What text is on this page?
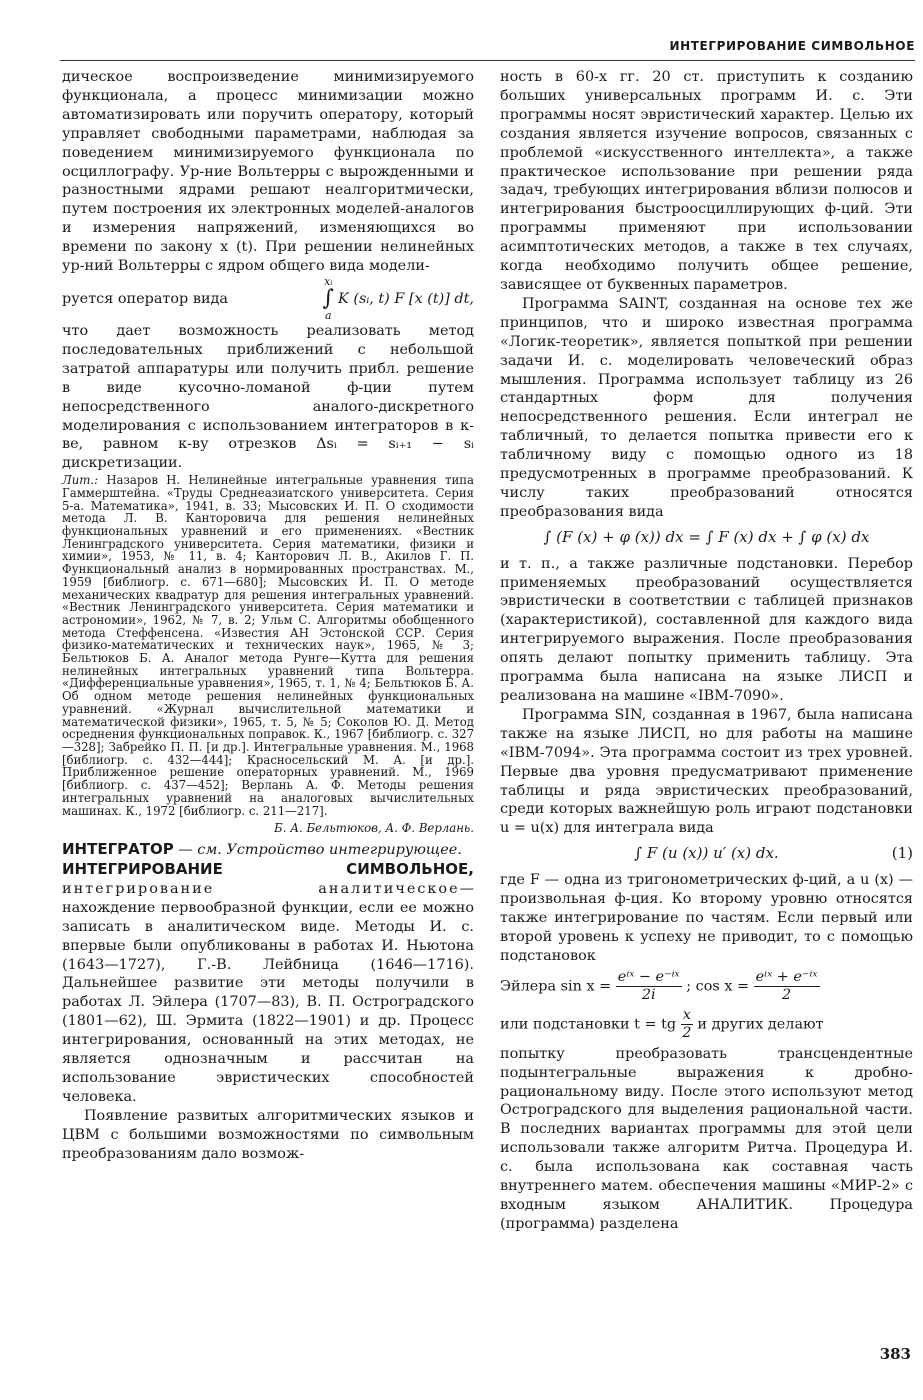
ИНТЕГРИРОВАНИЕ СИМВОЛЬНОЕ

дическое воспроизведение минимизируемого функционала, а процесс минимизации можно автоматизировать или поручить оператору, который управляет свободными параметрами, наблюдая за поведением минимизируемого функционала по осциллографу. Ур-ние Вольтерры с вырожденными и разностными ядрами решают неалгоритмически, путем построения их электронных моделей-аналогов и измерения напряжений, изменяющихся во времени по закону x (t). При решении нелинейных ур-ний Вольтерры с ядром общего вида модели-

руется оператор вида
xᵢ
∫
a
K (sᵢ, t) F [x (t)] dt,

что дает возможность реализовать метод последовательных приближений с небольшой затратой аппаратуры или получить прибл. решение в виде кусочно-ломаной ф-ции путем непосредственного аналого-дискретного моделирования с использованием интеграторов в к-ве, равном к-ву отрезков Δsᵢ = sᵢ₊₁ − sᵢ дискретизации.

Лит.: Назаров Н. Нелинейные интегральные уравнения типа Гаммерштейна. «Труды Среднеазиатского университета. Серия 5-а. Математика», 1941, в. 33; Мысовских И. П. О сходимости метода Л. В. Канторовича для решения нелинейных функциональных уравнений и его применениях. «Вестник Ленинградского университета. Серия математики, физики и химии», 1953, № 11, в. 4; Канторович Л. В., Акилов Г. П. Функциональный анализ в нормированных пространствах. М., 1959 [библиогр. с. 671—680]; Мысовских И. П. О методе механических квадратур для решения интегральных уравнений. «Вестник Ленинградского университета. Серия математики и астрономии», 1962, № 7, в. 2; Ульм С. Алгоритмы обобщенного метода Стеффенсена. «Известия АН Эстонской ССР. Серия физико-математических и технических наук», 1965, № 3; Бельтюков Б. А. Аналог метода Рунге—Кутта для решения нелинейных интегральных уравнений типа Вольтерра. «Дифференциальные уравнения», 1965, т. 1, № 4; Бельтюков Б. А. Об одном методе решения нелинейных функциональных уравнений. «Журнал вычислительной математики и математической физики», 1965, т. 5, № 5; Соколов Ю. Д. Метод осреднения функциональных поправок. К., 1967 [библиогр. с. 327—328]; Забрейко П. П. [и др.]. Интегральные уравнения. М., 1968 [библиогр. с. 432—444]; Красносельский М. А. [и др.]. Приближенное решение операторных уравнений. М., 1969 [библиогр. с. 437—452]; Верлань А. Ф. Методы решения интегральных уравнений на аналоговых вычислительных машинах. К., 1972 [библиогр. с. 211—217].
Б. А. Бельтюков, А. Ф. Верлань.

ИНТЕГРАТОР — см. Устройство интегрирующее.

ИНТЕГРИРОВАНИЕ СИМВОЛЬНОЕ, интегрирование аналитическое— нахождение первообразной функции, если ее можно записать в аналитическом виде. Методы И. с. впервые были опубликованы в работах И. Ньютона (1643—1727), Г.-В. Лейбница (1646—1716). Дальнейшее развитие эти методы получили в работах Л. Эйлера (1707—83), В. П. Остроградского (1801—62), Ш. Эрмита (1822—1901) и др. Процесс интегрирования, основанный на этих методах, не является однозначным и рассчитан на использование эвристических способностей человека.

Появление развитых алгоритмических языков и ЦВМ с большими возможностями по символьным преобразованиям дало возмож-

ность в 60-х гг. 20 ст. приступить к созданию больших универсальных программ И. с. Эти программы носят эвристический характер. Целью их создания является изучение вопросов, связанных с проблемой «искусственного интеллекта», а также практическое использование при решении ряда задач, требующих интегрирования вблизи полюсов и интегрирования быстроосциллирующих ф-ций. Эти программы применяют при использовании асимптотических методов, а также в тех случаях, когда необходимо получить общее решение, зависящее от буквенных параметров.

Программа SAINT, созданная на основе тех же принципов, что и широко известная программа «Логик-теоретик», является попыткой при решении задачи И. с. моделировать человеческий образ мышления. Программа использует таблицу из 26 стандартных форм для получения непосредственного решения. Если интеграл не табличный, то делается попытка привести его к табличному виду с помощью одного из 18 предусмотренных в программе преобразований. К числу таких преобразований относятся преобразования вида

∫ (F (x) + φ (x)) dx = ∫ F (x) dx + ∫ φ (x) dx

и т. п., а также различные подстановки. Перебор применяемых преобразований осуществляется эвристически в соответствии с таблицей признаков (характеристикой), составленной для каждого вида интегрируемого выражения. После преобразования опять делают попытку применить таблицу. Эта программа была написана на языке ЛИСП и реализована на машине «IBM-7090».

Программа SIN, созданная в 1967, была написана также на языке ЛИСП, но для работы на машине «IBM-7094». Эта программа состоит из трех уровней. Первые два уровня предусматривают применение таблицы и ряда эвристических преобразований, среди которых важнейшую роль играют подстановки u = u(x) для интеграла вида

∫ F (u (x)) u′ (x) dx.	(1)

где F — одна из тригонометрических ф-ций, а u (x) — произвольная ф-ция. Ко второму уровню относятся также интегрирование по частям. Если первый или второй уровень к успеху не приводит, то с помощью подстановок

Эйлера $\sin x = \frac{\text{eⁱˣ − e⁻ⁱˣ}}{2i}$ ; $\cos x = \frac{\text{eⁱˣ + e⁻ⁱˣ}}{2}$
или подстановки t = tg $\frac{x}{2}$ и других делают

попытку преобразовать трансцендентные подынтегральные выражения к дробно-рациональному виду. После этого используют метод Остроградского для выделения рациональной части. В последних вариантах программы для этой цели использовали также алгоритм Ритча. Процедура И. с. была использована как составная часть внутреннего матем. обеспечения машины «МИР-2» с входным языком АНАЛИТИК. Процедура (программа) разделена

383
